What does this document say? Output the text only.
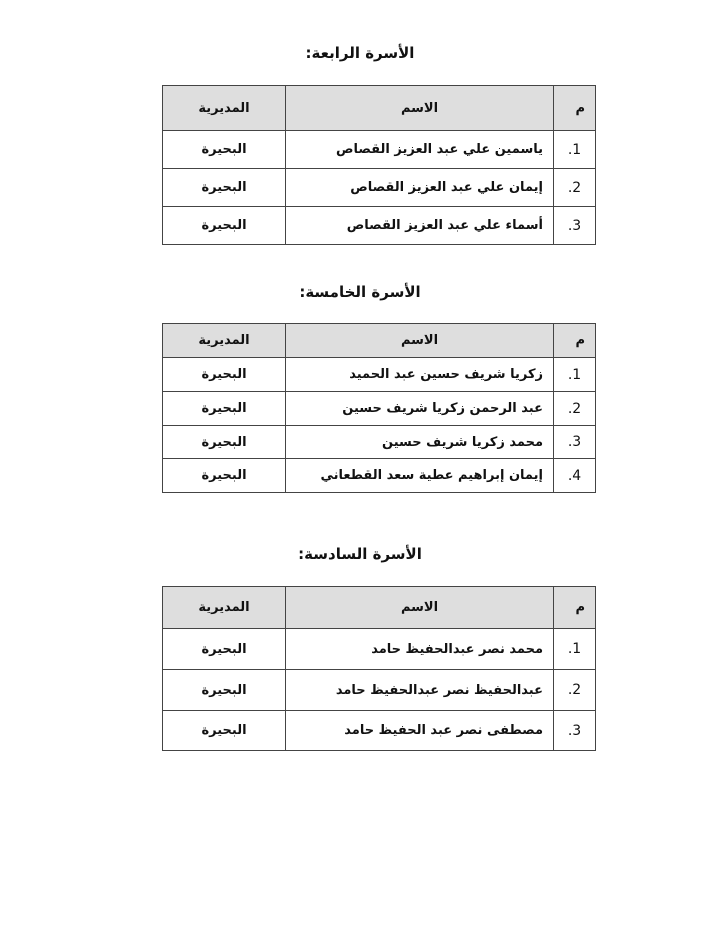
الأسرة الرابعة:
م	الاسم	المديرية
1.	ياسمين علي عبد العزيز القصاص	البحيرة
2.	إيمان علي عبد العزيز القصاص	البحيرة
3.	أسماء علي عبد العزيز القصاص	البحيرة
الأسرة الخامسة:
م	الاسم	المديرية
1.	زكريا شريف حسين عبد الحميد	البحيرة
2.	عبد الرحمن زكريا شريف حسين	البحيرة
3.	محمد زكريا شريف حسين	البحيرة
4.	إيمان إبراهيم عطية سعد القطعاني	البحيرة
الأسرة السادسة:
م	الاسم	المديرية
1.	محمد نصر عبدالحفيظ حامد	البحيرة
2.	عبدالحفيظ نصر عبدالحفيظ حامد	البحيرة
3.	مصطفى نصر عبد الحفيظ حامد	البحيرة
